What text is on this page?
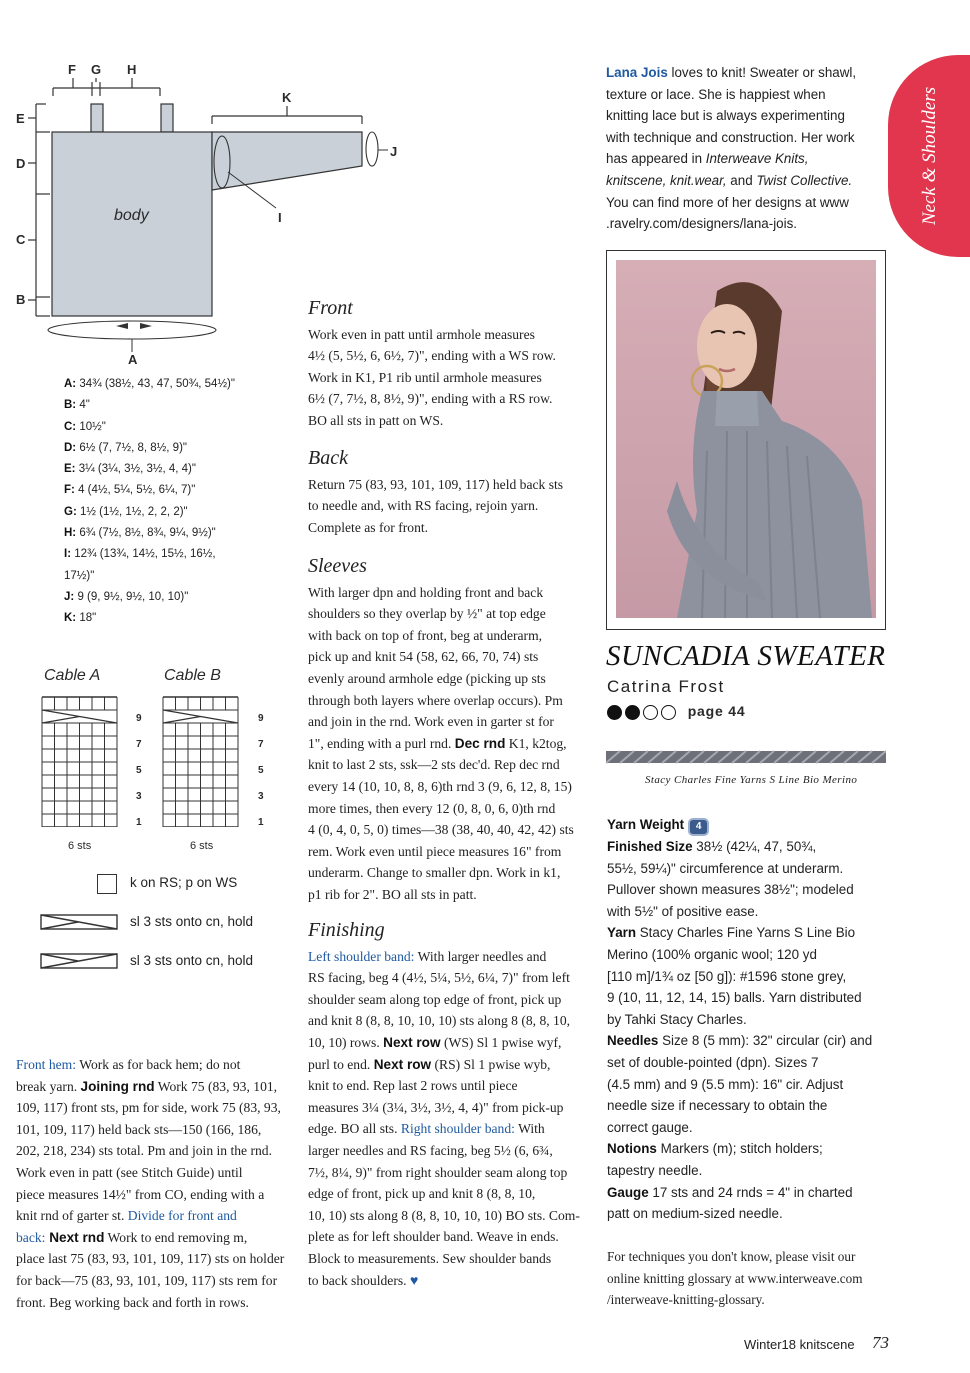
F G H
K
E
D
C
B
J
I
A
body
A: 34¾ (38½, 43, 47, 50¾, 54½)"
B: 4"
C: 10½"
D: 6½ (7, 7½, 8, 8½, 9)"
E: 3¼ (3¼, 3½, 3½, 4, 4)"
F: 4 (4½, 5¼, 5½, 6¼, 7)"
G: 1½ (1½, 1½, 2, 2, 2)"
H: 6¾ (7½, 8½, 8¾, 9¼, 9½)"
I: 12¾ (13¾, 14½, 15½, 16½,
17½)"
J: 9 (9, 9½, 9½, 10, 10)"
K: 18"
Cable A	Cable B
9
7
5
3
1
9
7
5
3
1
6 sts	6 sts
k on RS; p on WS
sl 3 sts onto cn, hold
sl 3 sts onto cn, hold

Front hem: Work as for back hem; do not

break yarn. Joining rnd Work 75 (83, 93, 101,

109, 117) front sts, pm for side, work 75 (83, 93,

101, 109, 117) held back sts—150 (166, 186,

202, 218, 234) sts total. Pm and join in the rnd.

Work even in patt (see Stitch Guide) until

piece measures 14½" from CO, ending with a

knit rnd of garter st. Divide for front and

back: Next rnd Work to end removing m,

place last 75 (83, 93, 101, 109, 117) sts on holder

for back—75 (83, 93, 101, 109, 117) sts rem for

front. Beg working back and forth in rows.

Front

Work even in patt until armhole measures

4½ (5, 5½, 6, 6½, 7)", ending with a WS row.

Work in K1, P1 rib until armhole measures

6½ (7, 7½, 8, 8½, 9)", ending with a RS row.

BO all sts in patt on WS.

Back

Return 75 (83, 93, 101, 109, 117) held back sts

to needle and, with RS facing, rejoin yarn.

Complete as for front.

Sleeves

With larger dpn and holding front and back

shoulders so they overlap by ½" at top edge

with back on top of front, beg at underarm,

pick up and knit 54 (58, 62, 66, 70, 74) sts

evenly around armhole edge (picking up sts

through both layers where overlap occurs). Pm

and join in the rnd. Work even in garter st for

1", ending with a purl rnd. Dec rnd K1, k2tog,

knit to last 2 sts, ssk—2 sts dec'd. Rep dec rnd

every 14 (10, 10, 8, 8, 6)th rnd 3 (9, 6, 12, 8, 15)

more times, then every 12 (0, 8, 0, 6, 0)th rnd

4 (0, 4, 0, 5, 0) times—38 (38, 40, 40, 42, 42) sts

rem. Work even until piece measures 16" from

underarm. Change to smaller dpn. Work in k1,

p1 rib for 2". BO all sts in patt.

Finishing

Left shoulder band: With larger needles and

RS facing, beg 4 (4½, 5¼, 5½, 6¼, 7)" from left

shoulder seam along top edge of front, pick up

and knit 8 (8, 8, 10, 10, 10) sts along 8 (8, 8, 10,

10, 10) rows. Next row (WS) Sl 1 pwise wyf,

purl to end. Next row (RS) Sl 1 pwise wyb,

knit to end. Rep last 2 rows until piece

measures 3¼ (3¼, 3½, 3½, 4, 4)" from pick-up

edge. BO all sts. Right shoulder band: With

larger needles and RS facing, beg 5½ (6, 6¾,

7½, 8¼, 9)" from right shoulder seam along top

edge of front, pick up and knit 8 (8, 8, 10,

10, 10) sts along 8 (8, 8, 10, 10, 10) BO sts. Com-

plete as for left shoulder band. Weave in ends.

Block to measurements. Sew shoulder bands

to back shoulders. ♥

Lana Jois loves to knit! Sweater or shawl,

texture or lace. She is happiest when

knitting lace but is always experimenting

with technique and construction. Her work

has appeared in Interweave Knits,

knitscene, knit.wear, and Twist Collective.

You can find more of her designs at www

.ravelry.com/designers/lana-jois.	Neck & Shoulders
SUNCADIA SWEATER
Catrina Frost
page 44
Stacy Charles Fine Yarns S Line Bio Merino

Yarn Weight 4

Finished Size 38½ (42¼, 47, 50¾,

55½, 59¼)" circumference at underarm.

Pullover shown measures 38½"; modeled

with 5½" of positive ease.

Yarn Stacy Charles Fine Yarns S Line Bio

Merino (100% organic wool; 120 yd

[110 m]/1¾ oz [50 g]): #1596 stone grey,

9 (10, 11, 12, 14, 15) balls. Yarn distributed

by Tahki Stacy Charles.

Needles Size 8 (5 mm): 32" circular (cir) and

set of double-pointed (dpn). Sizes 7

(4.5 mm) and 9 (5.5 mm): 16" cir. Adjust

needle size if necessary to obtain the

correct gauge.

Notions Markers (m); stitch holders;

tapestry needle.

Gauge 17 sts and 24 rnds = 4" in charted

patt on medium-sized needle.

For techniques you don't know, please visit our

online knitting glossary at www.interweave.com

/interweave-knitting-glossary.

Winter18 knitscene 73
